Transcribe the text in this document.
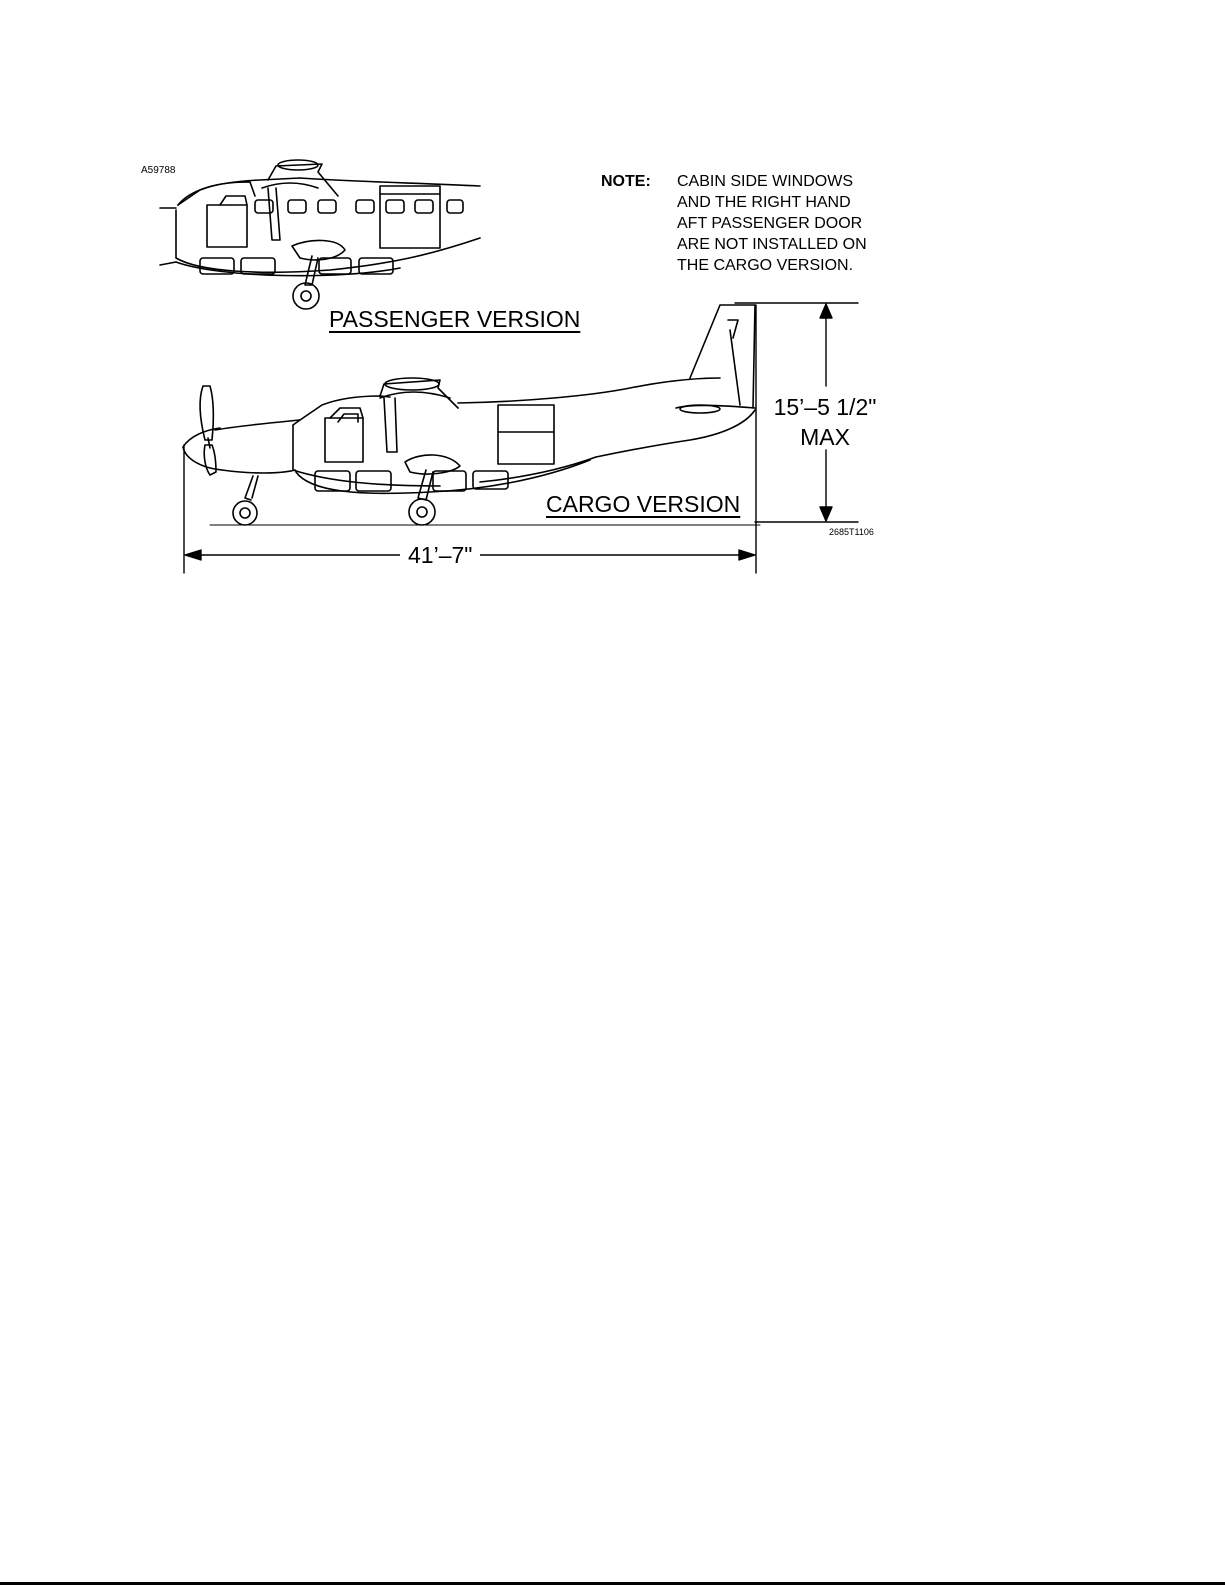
A59788
NOTE: CABIN SIDE WINDOWS
AND THE RIGHT HAND
AFT PASSENGER DOOR
ARE NOT INSTALLED ON
THE CARGO VERSION.
PASSENGER VERSION
CARGO VERSION
15’–5 1/2"
MAX
41’–7"
2685T1106
